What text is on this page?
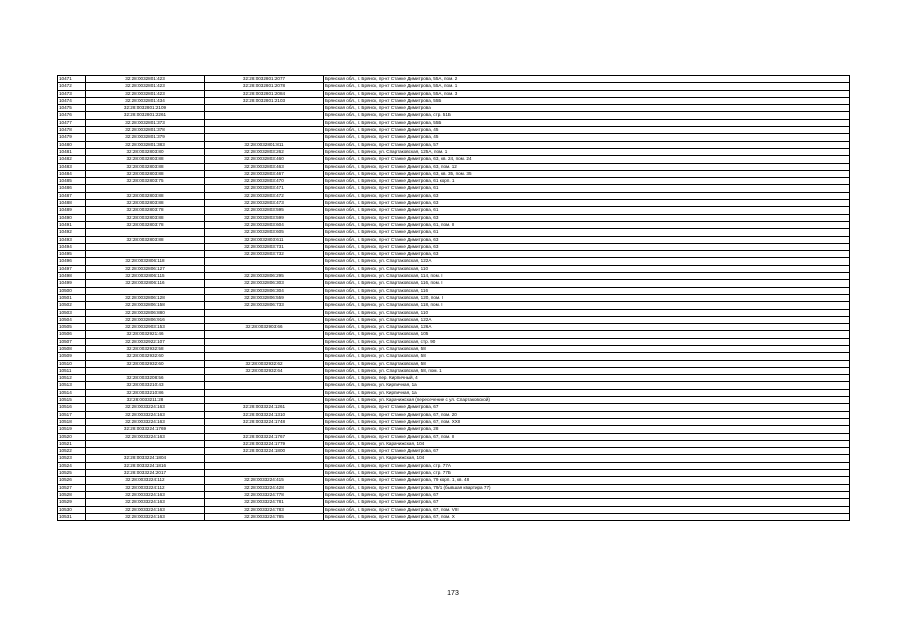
10471	32:28:0032801:423	32:28:0032801:2077	Брянская обл., г. Брянск, пр-кт Станке Димитрова, 55А, пом. 2
10472	32:28:0032801:423	32:28:0032801:2078	Брянская обл., г. Брянск, пр-кт Станке Димитрова, 55А, пом. 1
10473	32:28:0032801:423	32:28:0032801:2084	Брянская обл., г. Брянск, пр-кт Станке Димитрова, 55А, пом. 3
10474	32:28:0032801:434	32:28:0032801:2103	Брянская обл., г. Брянск, пр-кт Станке Димитрова, 55Б
10475	32:28:0032801:2109		Брянская обл., г. Брянск, пр-кт Станке Димитрова
10476	32:28:0032801:2261		Брянская обл., г. Брянск, пр-кт Станке Димитрова, стр. 51Б
10477	32:28:0032801:373		Брянская обл., г. Брянск, пр-кт Станке Димитрова, 55Б
10478	32:28:0032801:378		Брянская обл., г. Брянск, пр-кт Станке Димитрова, 45
10479	32:28:0032801:379		Брянская обл., г. Брянск, пр-кт Станке Димитрова, 45
10480	32:28:0032801:383	32:28:0032801:811	Брянская обл., г. Брянск, пр-кт Станке Димитрова, 57
10481	32:28:0032803:80	32:28:0032803:262	Брянская обл., г. Брянск, ул. Спартаковская, 125А, пом. 1
10482	32:28:0032803:88	32:28:0032803:460	Брянская обл., г. Брянск, пр-кт Станке Димитрова, 63, кв. 24, пом. 24
10483	32:28:0032803:88	32:28:0032803:463	Брянская обл., г. Брянск, пр-кт Станке Димитрова, 63, пом. 12
10484	32:28:0032803:88	32:28:0032803:467	Брянская обл., г. Брянск, пр-кт Станке Димитрова, 63, кв. 35, пом. 35
10485	32:28:0032803:75	32:28:0032803:470	Брянская обл., г. Брянск, пр-кт Станке Димитрова, 61 корп. 1
10486		32:28:0032803:471	Брянская обл., г. Брянск, пр-кт Станке Димитрова, 61
10487	32:28:0032803:88	32:28:0032803:472	Брянская обл., г. Брянск, пр-кт Станке Димитрова, 63
10488	32:28:0032803:88	32:28:0032803:473	Брянская обл., г. Брянск, пр-кт Станке Димитрова, 63
10489	32:28:0032803:78	32:28:0032803:595	Брянская обл., г. Брянск, пр-кт Станке Димитрова, 61
10490	32:28:0032803:88	32:28:0032803:599	Брянская обл., г. Брянск, пр-кт Станке Димитрова, 63
10491	32:28:0032803:78	32:28:0032803:604	Брянская обл., г. Брянск, пр-кт Станке Димитрова, 61, пом. II
10492		32:28:0032803:605	Брянская обл., г. Брянск, пр-кт Станке Димитрова, 61
10493	32:28:0032803:88	32:28:0032803:611	Брянская обл., г. Брянск, пр-кт Станке Димитрова, 63
10494		32:28:0032803:731	Брянская обл., г. Брянск, пр-кт Станке Димитрова, 63
10495		32:28:0032803:732	Брянская обл., г. Брянск, пр-кт Станке Димитрова, 63
10496	32:28:0032806:118		Брянская обл., г. Брянск, ул. Спартаковская, 122А
10497	32:28:0032806:127		Брянская обл., г. Брянск, ул. Спартаковская, 110
10498	32:28:0032806:115	32:28:0032806:295	Брянская обл., г. Брянск, ул. Спартаковская, 114, пом. I
10499	32:28:0032806:116	32:28:0032806:303	Брянская обл., г. Брянск, ул. Спартаковская, 116, пом. I
10500		32:28:0032806:304	Брянская обл., г. Брянск, ул. Спартаковская, 116
10501	32:28:0032806:128	32:28:0032806:559	Брянская обл., г. Брянск, ул. Спартаковская, 120, пом. I
10502	32:28:0032806:158	32:28:0032806:733	Брянская обл., г. Брянск, ул. Спартаковская, 118, пом. I
10503	32:28:0032806:880		Брянская обл., г. Брянск, ул. Спартаковская, 110
10504	32:28:0032806:916		Брянская обл., г. Брянск, ул. Спартаковская, 122А
10505	32:28:0032903:153	32:28:0032903:66	Брянская обл., г. Брянск, ул. Спартаковская, 126А
10506	32:28:0032921:46		Брянская обл., г. Брянск, ул. Спартаковская, 105
10507	32:28:0032922:107		Брянская обл., г. Брянск, ул. Спартаковская, стр. 90
10508	32:28:0032932:58		Брянская обл., г. Брянск, ул. Спартаковская, 58
10509	32:28:0032932:60		Брянская обл., г. Брянск, ул. Спартаковская, 58
10510	32:28:0032932:60	32:28:0032932:62	Брянская обл., г. Брянск, ул. Спартаковская, 58
10511		32:28:0032932:64	Брянская обл., г. Брянск, ул. Спартаковская, 58, пом. 1
10512	32:28:0033208:56		Брянская обл., г. Брянск, пер. Кирпичный, 4
10513	32:28:0033210:43		Брянская обл., г. Брянск, ул. Кирпичная, 1а
10514	32:28:0033210:86		Брянская обл., г. Брянск, ул. Кирпичная, 1а
10515	32:28:0033211:28		Брянская обл., г. Брянск, ул. Карачижская (пересечение с ул. Спартаковской)
10516	32:28:0033224:163	32:28:0033224:1261	Брянская обл., г. Брянск, пр-кт Станке Димитрова, 67
10517	32:28:0033224:163	32:28:0033224:1310	Брянская обл., г. Брянск, пр-кт Станке Димитрова, 67, пом. 20
10518	32:28:0033224:163	32:28:0033224:1748	Брянская обл., г. Брянск, пр-кт Станке Димитрова, 67, пом. XXII
10519	32:28:0033224:1769		Брянская обл., г. Брянск, пр-кт Станке Димитрова, 28
10520	32:28:0033224:163	32:28:0033224:1767	Брянская обл., г. Брянск, пр-кт Станке Димитрова, 67, пом. II
10521		32:28:0033224:1779	Брянская обл., г. Брянск, ул. Карачижская, 104
10522		32:28:0033224:1800	Брянская обл., г. Брянск, пр-кт Станке Димитрова, 67
10523	32:28:0033224:1804		Брянская обл., г. Брянск, ул. Карачижская, 104
10524	32:28:0033224:1816		Брянская обл., г. Брянск, пр-кт Станке Димитрова, стр. 77А
10525	32:28:0033224:2017		Брянская обл., г. Брянск, пр-кт Станке Димитрова, стр. 77Б
10526	32:28:0033224:112	32:28:0033224:415	Брянская обл., г. Брянск, пр-кт Станке Димитрова, 79 корп. 1, кв. 48
10527	32:28:0033224:112	32:28:0033224:428	Брянская обл., г. Брянск, пр-кт Станке Димитрова, 79/1 (бывшая квартира 77)
10528	32:28:0033224:163	32:28:0033224:778	Брянская обл., г. Брянск, пр-кт Станке Димитрова, 67
10529	32:28:0033224:163	32:28:0033224:781	Брянская обл., г. Брянск, пр-кт Станке Димитрова, 67
10530	32:28:0033224:163	32:28:0033224:783	Брянская обл., г. Брянск, пр-кт Станке Димитрова, 67, пом. VIII
10531	32:28:0033224:163	32:28:0033224:785	Брянская обл., г. Брянск, пр-кт Станке Димитрова, 67, пом. X
173
